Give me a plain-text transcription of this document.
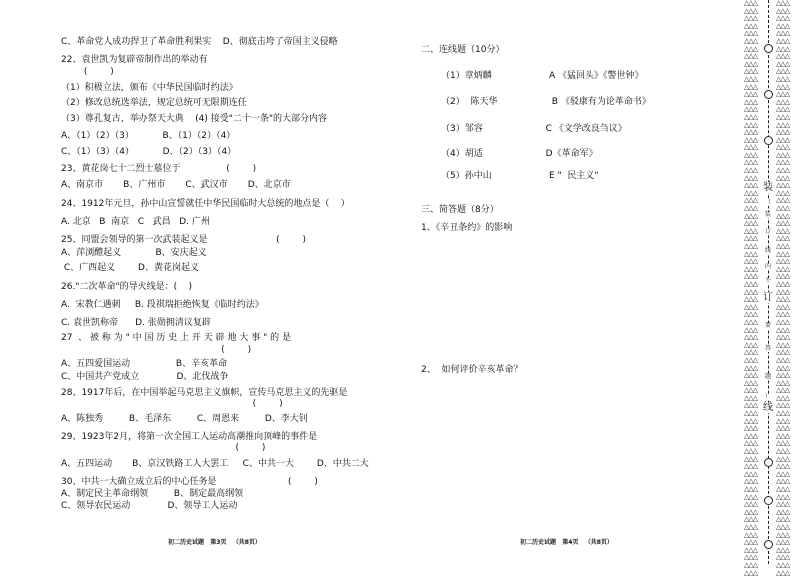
C、革命党人成功捍卫了革命胜利果实    D、彻底击垮了帝国主义侵略
22、袁世凯为复辟帝制作出的举动有
(        )
（1）积极立法，颁布《中华民国临时约法》
（2）修改总统选举法，规定总统可无限期连任
（3）尊孔复古，举办祭天大典    (4) 接受"二十一条"的大部分内容
A、（1）（2）（3）          B、（1）（2）（4）
C、（1）（3）（4）          D、（2）（3）（4）
23、黄花岗七十二烈士墓位于                (        )
A、南京市       B、广州市       C、武汉市       D、北京市
24、1912年元旦，孙中山宣誓就任中华民国临时大总统的地点是（    ）
A. 北京   B  南京   C   武昌   D. 广州
25、同盟会领导的第一次武装起义是                        (        )
A、萍浏醴起义            B、安庆起义
C、广西起义        D、黄花岗起义
26."二次革命"的导火线是：(    )
A.  宋教仁遇刺     B. 段祺瑞拒绝恢复《临时约法》
C. 袁世凯称帝      D. 张勋拥清议复辟
27  、 被 称 为 " 中 国 历 史 上 开 天 辟 地 大 事 " 的 是
(        )
A、五四爱国运动                B、辛亥革命
C、中国共产党成立             D、北伐战争
28、1917年后，在中国举起马克思主义旗帜，宣传马克思主义的先驱是
(        )
A、陈独秀         B、毛泽东         C、周恩来         D、李大钊
29、1923年2月，将第一次全国工人运动高潮推向顶峰的事件是
(        )
A、五四运动       B、京汉铁路工人大罢工     C、中共一大        D、中共二大
30、中共一大确立成立后的中心任务是                         (        )
A、制定民主革命纲领         B、制定最高纲领
C、领导农民运动             D、领导工人运动
初二历史试题   第3页   （共8页）
二、连线题（10分）
（1）章炳麟                    A 《猛回头》《警世钟》
（2）  陈天华                   B 《驳康有为论革命书》
（3）邹容                      C 《文学改良刍议》
（4）胡适                      D《革命军》
（5）孙中山                    E "  民主义"
三、简答题（8分）
1、《辛丑条约》的影响
2、  如何评价辛亥革命？
初二历史试题   第4页   （共8页）
△△△
△△△
△△△
△△△
△△△
△△△
△△△
△△△
△△△
△△△
△△△
△△△
△△△
△△△
△△△
△△△
△△△
△△△
△△△
△△△
△△△
△△△
△△△
△△△
△△△
△△△
△△△
△△△
△△△
△△△
△△△
△△△
△△△
△△△
△△△
△△△
△△△
△△△
△△△
△△△
△△△
△△△
△△△
△△△
△△△
△△△
△△△
△△△
△△△
△△△
△△△
△△△
△△△
△△△
△△△
△△△
△△△
△△△
△△△
△△△
△△△
△△△
△△△
△△△
△△△
△△△
△△△
△△△
△△△
△△△
△△△
△△△
△△△
△△△
△△△
△△△
△△△
△△△
△△△
△△△
△△△
△△△
△△△
△△△
△△△
△△△
△△△
△△△
△△△
△△△
△△△
△△△
△△△
△△△
△△△
△△△
△△△
△△△
△△△
△△△
△△△
△△△
△△△
△△△
△△△
△△△
△△△
△△△
△△△
△△△
△△△
△△△
△△△
△△△
△△△
△△△
△△△
△△△
△△△
△△△
△△△
△△△
△△△
△△△
△△△
△△△
△△△
△△△
△△△
△△△
△△△
△△△
△△△
△△△
△△△
△△△
△△△
△△△
△△△
△△△
△△△
△△△
△△△
△△△
△△△
△△△
△△△
△△△
△△△
△△△
△△△
△△△
装
（
装
订
线
内
不
订
要
答
题
）
线
